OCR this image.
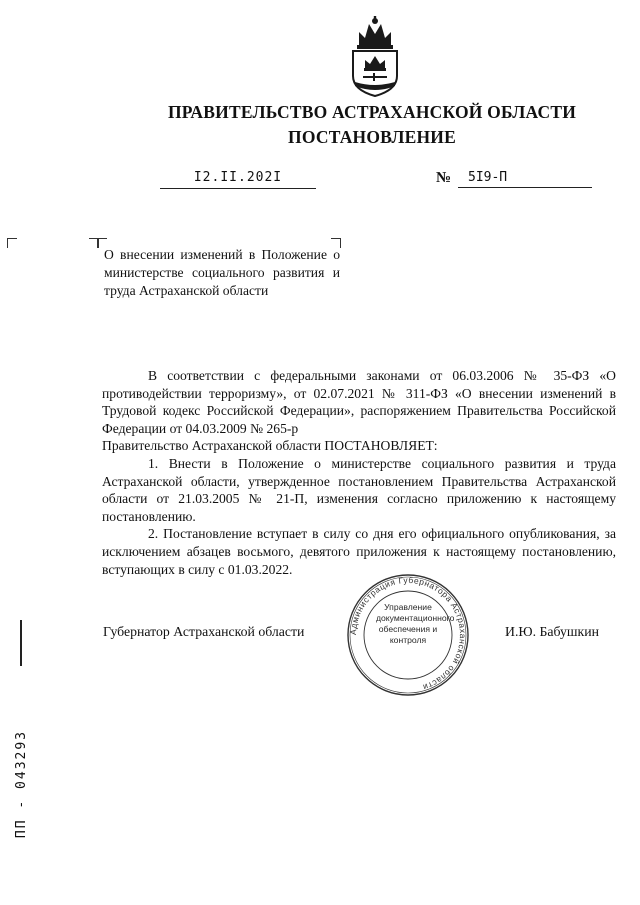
ПРАВИТЕЛЬСТВО АСТРАХАНСКОЙ ОБЛАСТИ
ПОСТАНОВЛЕНИЕ
I2.II.202I	№	5I9-П
О внесении изменений в Положение о министерстве социального развития и труда Астраханской области

В соответствии с федеральными законами от 06.03.2006 № 35-ФЗ «О противодействии терроризму», от 02.07.2021 № 311-ФЗ «О внесении изменений в Трудовой кодекс Российской Федерации», распоряжением Правительства Российской Федерации от 04.03.2009 № 265-р

Правительство Астраханской области ПОСТАНОВЛЯЕТ:

1. Внести в Положение о министерстве социального развития и труда Астраханской области, утвержденное постановлением Правительства Астраханской области от 21.03.2005 № 21-П, изменения согласно приложению к настоящему постановлению.

2. Постановление вступает в силу со дня его официального опубликования, за исключением абзацев восьмого, девятого приложения к настоящему постановлению, вступающих в силу с 01.03.2022.

Губернатор Астраханской области	И.Ю. Бабушкин
Администрация Губернатора Астраханской области
Управление документационного обеспечения и контроля
ПП - 043293
